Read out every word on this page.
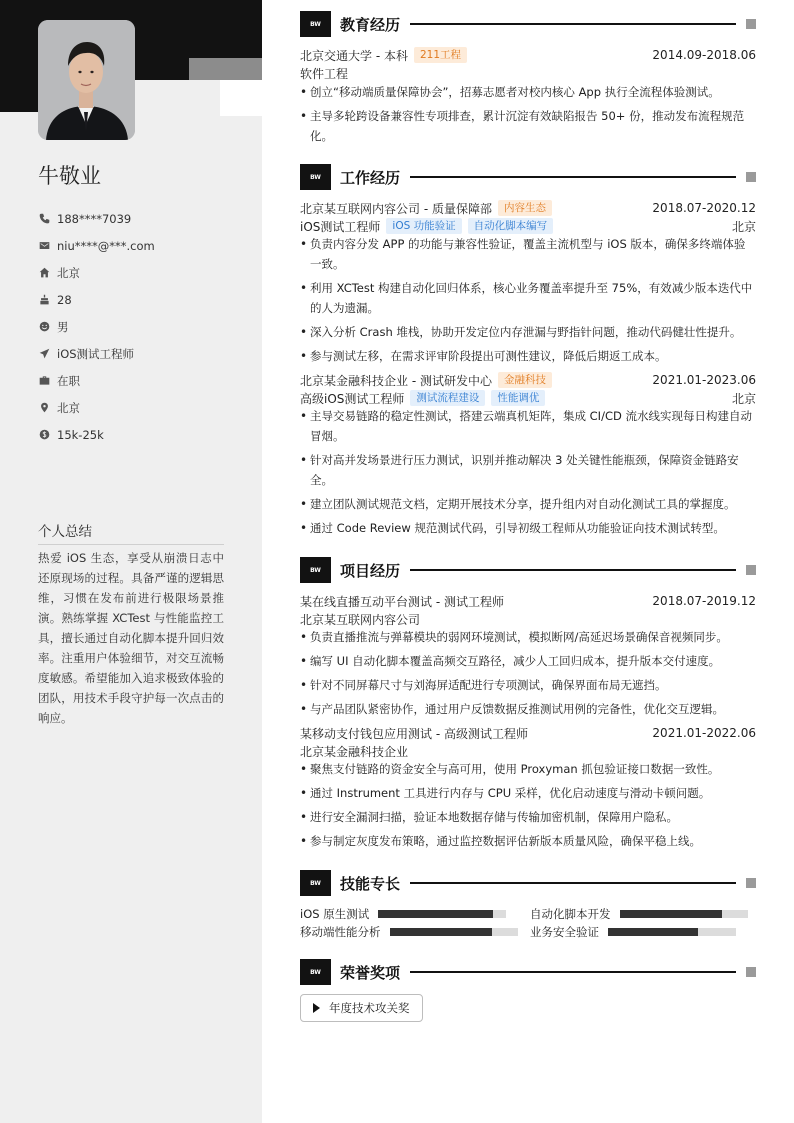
牛敬业
188****7039
niu****@***.com
北京
28
男
iOS测试工程师
在职
北京
15k-25k
个人总结
热爱 iOS 生态，享受从崩溃日志中还原现场的过程。具备严谨的逻辑思维，习惯在发布前进行极限场景推演。熟练掌握 XCTest 与性能监控工具，擅长通过自动化脚本提升回归效率。注重用户体验细节，对交互流畅度敏感。希望能加入追求极致体验的团队，用技术手段守护每一次点击的响应。
BW	教育经历
北京交通大学 - 本科	211工程	2014.09-2018.06
软件工程
• 创立“移动端质量保障协会”，招募志愿者对校内核心 App 执行全流程体验测试。
• 主导多轮跨设备兼容性专项排查，累计沉淀有效缺陷报告 50+ 份，推动发布流程规范化。
BW	工作经历
北京某互联网内容公司 - 质量保障部	内容生态	2018.07-2020.12
iOS测试工程师	iOS 功能验证	自动化脚本编写	北京
• 负责内容分发 APP 的功能与兼容性验证，覆盖主流机型与 iOS 版本，确保多终端体验一致。
• 利用 XCTest 构建自动化回归体系，核心业务覆盖率提升至 75%，有效减少版本迭代中的人为遗漏。
• 深入分析 Crash 堆栈，协助开发定位内存泄漏与野指针问题，推动代码健壮性提升。
• 参与测试左移，在需求评审阶段提出可测性建议，降低后期返工成本。
北京某金融科技企业 - 测试研发中心	金融科技	2021.01-2023.06
高级iOS测试工程师	测试流程建设	性能调优	北京
• 主导交易链路的稳定性测试，搭建云端真机矩阵，集成 CI/CD 流水线实现每日构建自动冒烟。
• 针对高并发场景进行压力测试，识别并推动解决 3 处关键性能瓶颈，保障资金链路安全。
• 建立团队测试规范文档，定期开展技术分享，提升组内对自动化测试工具的掌握度。
• 通过 Code Review 规范测试代码，引导初级工程师从功能验证向技术测试转型。
BW	项目经历
某在线直播互动平台测试 - 测试工程师	2018.07-2019.12
北京某互联网内容公司
• 负责直播推流与弹幕模块的弱网环境测试，模拟断网/高延迟场景确保音视频同步。
• 编写 UI 自动化脚本覆盖高频交互路径，减少人工回归成本，提升版本交付速度。
• 针对不同屏幕尺寸与刘海屏适配进行专项测试，确保界面布局无遮挡。
• 与产品团队紧密协作，通过用户反馈数据反推测试用例的完备性，优化交互逻辑。
某移动支付钱包应用测试 - 高级测试工程师	2021.01-2022.06
北京某金融科技企业
• 聚焦支付链路的资金安全与高可用，使用 Proxyman 抓包验证接口数据一致性。
• 通过 Instrument 工具进行内存与 CPU 采样，优化启动速度与滑动卡顿问题。
• 进行安全漏洞扫描，验证本地数据存储与传输加密机制，保障用户隐私。
• 参与制定灰度发布策略，通过监控数据评估新版本质量风险，确保平稳上线。
BW	技能专长
iOS 原生测试	自动化脚本开发
移动端性能分析	业务安全验证
BW	荣誉奖项
年度技术攻关奖
